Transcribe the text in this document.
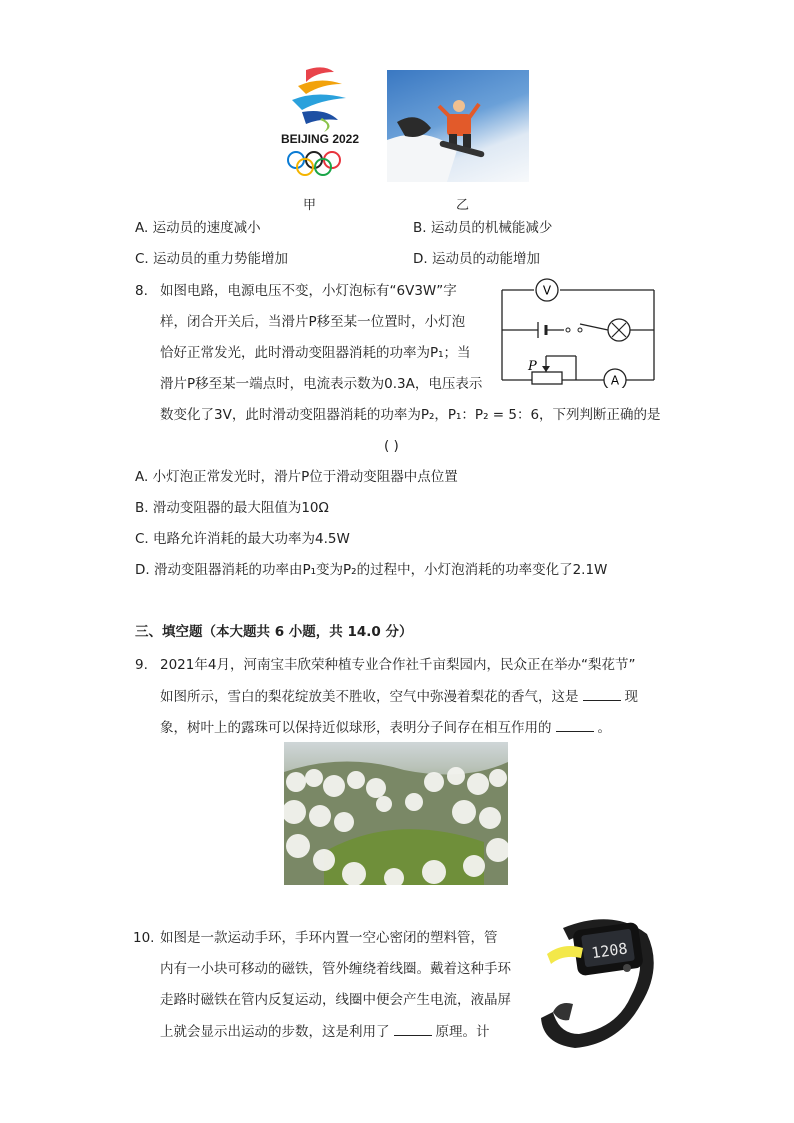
BEIJING 2022
甲	乙
A. 运动员的速度减小	B. 运动员的机械能减少
C. 运动员的重力势能增加	D. 运动员的动能增加
8. 如图电路，电源电压不变，小灯泡标有“6V3W”字
样，闭合开关后，当滑片P移至某一位置时，小灯泡
恰好正常发光，此时滑动变阻器消耗的功率为P₁；当
滑片P移至某一端点时，电流表示数为0.3A，电压表示
数变化了3V，此时滑动变阻器消耗的功率为P₂，P₁：P₂ = 5：6，下列判断正确的是
( )
V
A
P
A. 小灯泡正常发光时，滑片P位于滑动变阻器中点位置
B. 滑动变阻器的最大阻值为10Ω
C. 电路允许消耗的最大功率为4.5W
D. 滑动变阻器消耗的功率由P₁变为P₂的过程中，小灯泡消耗的功率变化了2.1W
三、填空题（本大题共 6 小题，共 14.0 分）
9. 2021年4月，河南宝丰欣荣种植专业合作社千亩梨园内，民众正在举办“梨花节”
如图所示，雪白的梨花绽放美不胜收，空气中弥漫着梨花的香气，这是	现
象，树叶上的露珠可以保持近似球形，表明分子间存在相互作用的	。
10. 如图是一款运动手环，手环内置一空心密闭的塑料管，管
内有一小块可移动的磁铁，管外缠绕着线圈。戴着这种手环
走路时磁铁在管内反复运动，线圈中便会产生电流，液晶屏
上就会显示出运动的步数，这是利用了	原理。计
1208
